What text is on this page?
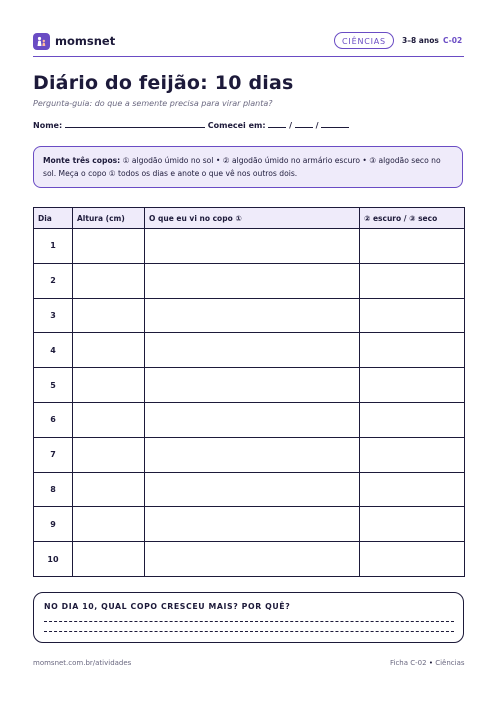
momsnet	CIÊNCIAS	3–8 anos C-02
Diário do feijão: 10 dias
Pergunta-guia: do que a semente precisa para virar planta?
Nome:	Comecei em:	/	/
Monte três copos: ① algodão úmido no sol • ② algodão úmido no armário escuro • ③ algodão seco no sol. Meça o copo ① todos os dias e anote o que vê nos outros dois.
Dia	Altura (cm)	O que eu vi no copo ①	② escuro / ③ seco
1			
2			
3			
4			
5			
6			
7			
8			
9			
10			
NO DIA 10, QUAL COPO CRESCEU MAIS? POR QUÊ?
momsnet.com.br/atividades	Ficha C-02 • Ciências
